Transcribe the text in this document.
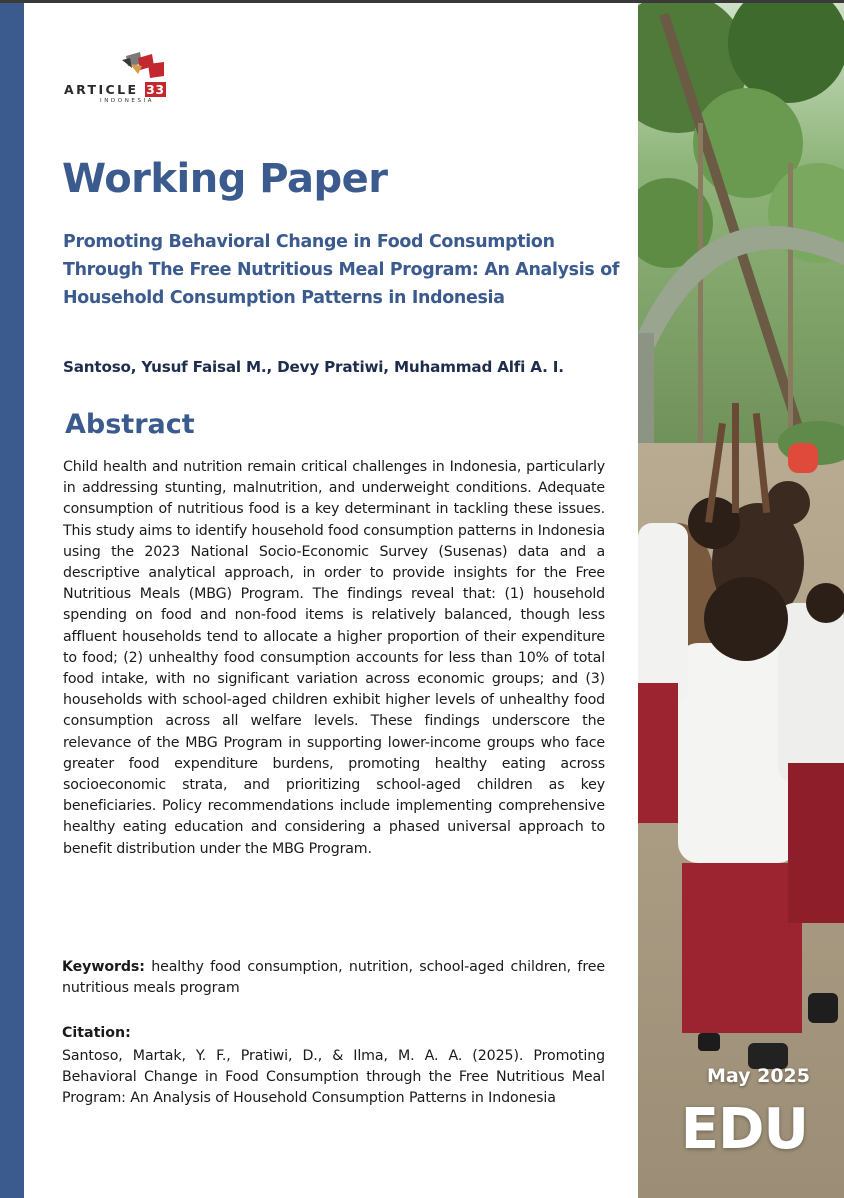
ARTICLE 33
INDONESIA
Working Paper
Promoting Behavioral Change in Food Consumption Through The Free Nutritious Meal Program: An Analysis of Household Consumption Patterns in Indonesia

Santoso, Yusuf Faisal M., Devy Pratiwi, Muhammad Alfi A. I.

Abstract

Child health and nutrition remain critical challenges in Indonesia, particularly in addressing stunting, malnutrition, and underweight conditions. Adequate consumption of nutritious food is a key determinant in tackling these issues. This study aims to identify household food consumption patterns in Indonesia using the 2023 National Socio-Economic Survey (Susenas) data and a descriptive analytical approach, in order to provide insights for the Free Nutritious Meals (MBG) Program. The findings reveal that: (1) household spending on food and non-food items is relatively balanced, though less affluent households tend to allocate a higher proportion of their expenditure to food; (2) unhealthy food consumption accounts for less than 10% of total food intake, with no significant variation across economic groups; and (3) households with school-aged children exhibit higher levels of unhealthy food consumption across all welfare levels. These findings underscore the relevance of the MBG Program in supporting lower-income groups who face greater food expenditure burdens, promoting healthy eating across socioeconomic strata, and prioritizing school-aged children as key beneficiaries. Policy recommendations include implementing comprehensive healthy eating education and considering a phased universal approach to benefit distribution under the MBG Program.

Keywords: healthy food consumption, nutrition, school-aged children, free nutritious meals program

Citation:

Santoso, Martak, Y. F., Pratiwi, D., & Ilma, M. A. A. (2025). Promoting Behavioral Change in Food Consumption through the Free Nutritious Meal Program: An Analysis of Household Consumption Patterns in Indonesia

May 2025
EDU
